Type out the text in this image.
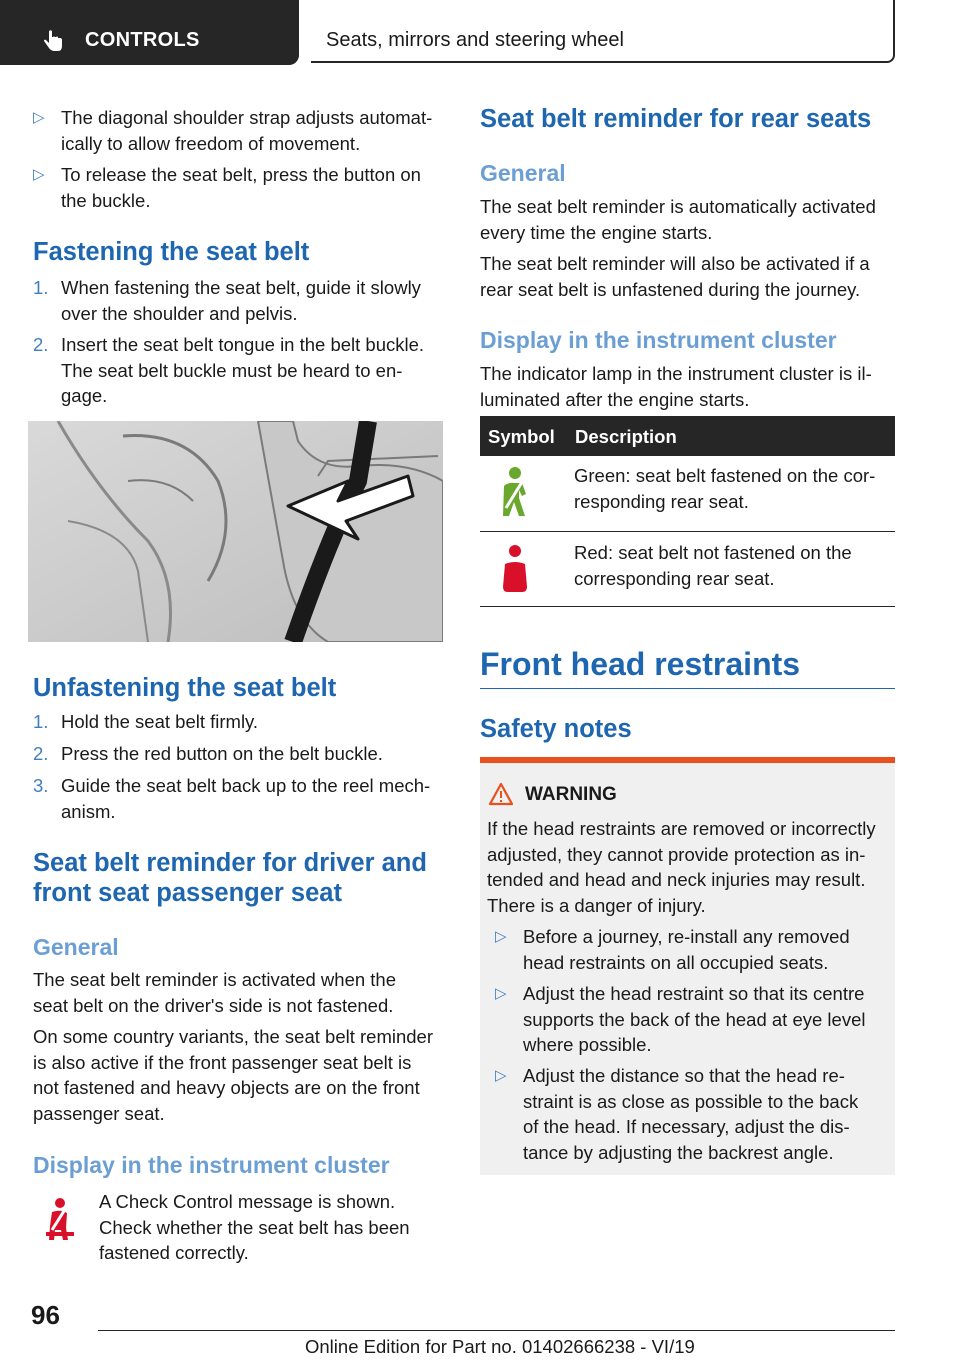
CONTROLS	Seats, mirrors and steering wheel
▷ The diagonal shoulder strap adjusts automat-
ically to allow freedom of movement.
▷ To release the seat belt, press the button on
the buckle.
Fastening the seat belt
1. When fastening the seat belt, guide it slowly
over the shoulder and pelvis.
2. Insert the seat belt tongue in the belt buckle.
The seat belt buckle must be heard to en-
gage.
Unfastening the seat belt
1. Hold the seat belt firmly.
2. Press the red button on the belt buckle.
3. Guide the seat belt back up to the reel mech-
anism.
Seat belt reminder for driver and
front seat passenger seat
General
The seat belt reminder is activated when the
seat belt on the driver's side is not fastened.
On some country variants, the seat belt reminder
is also active if the front passenger seat belt is
not fastened and heavy objects are on the front
passenger seat.
Display in the instrument cluster
A Check Control message is shown.
Check whether the seat belt has been
fastened correctly.
Seat belt reminder for rear seats
General
The seat belt reminder is automatically activated
every time the engine starts.
The seat belt reminder will also be activated if a
rear seat belt is unfastened during the journey.
Display in the instrument cluster
The indicator lamp in the instrument cluster is il-
luminated after the engine starts.
Symbol Description
Green: seat belt fastened on the cor-
responding rear seat.
Red: seat belt not fastened on the
corresponding rear seat.
Front head restraints
Safety notes
WARNING
If the head restraints are removed or incorrectly
adjusted, they cannot provide protection as in-
tended and head and neck injuries may result.
There is a danger of injury.
▷ Before a journey, re-install any removed
head restraints on all occupied seats.
▷ Adjust the head restraint so that its centre
supports the back of the head at eye level
where possible.
▷ Adjust the distance so that the head re-
straint is as close as possible to the back
of the head. If necessary, adjust the dis-
tance by adjusting the backrest angle.
96
Online Edition for Part no. 01402666238 - VI/19
